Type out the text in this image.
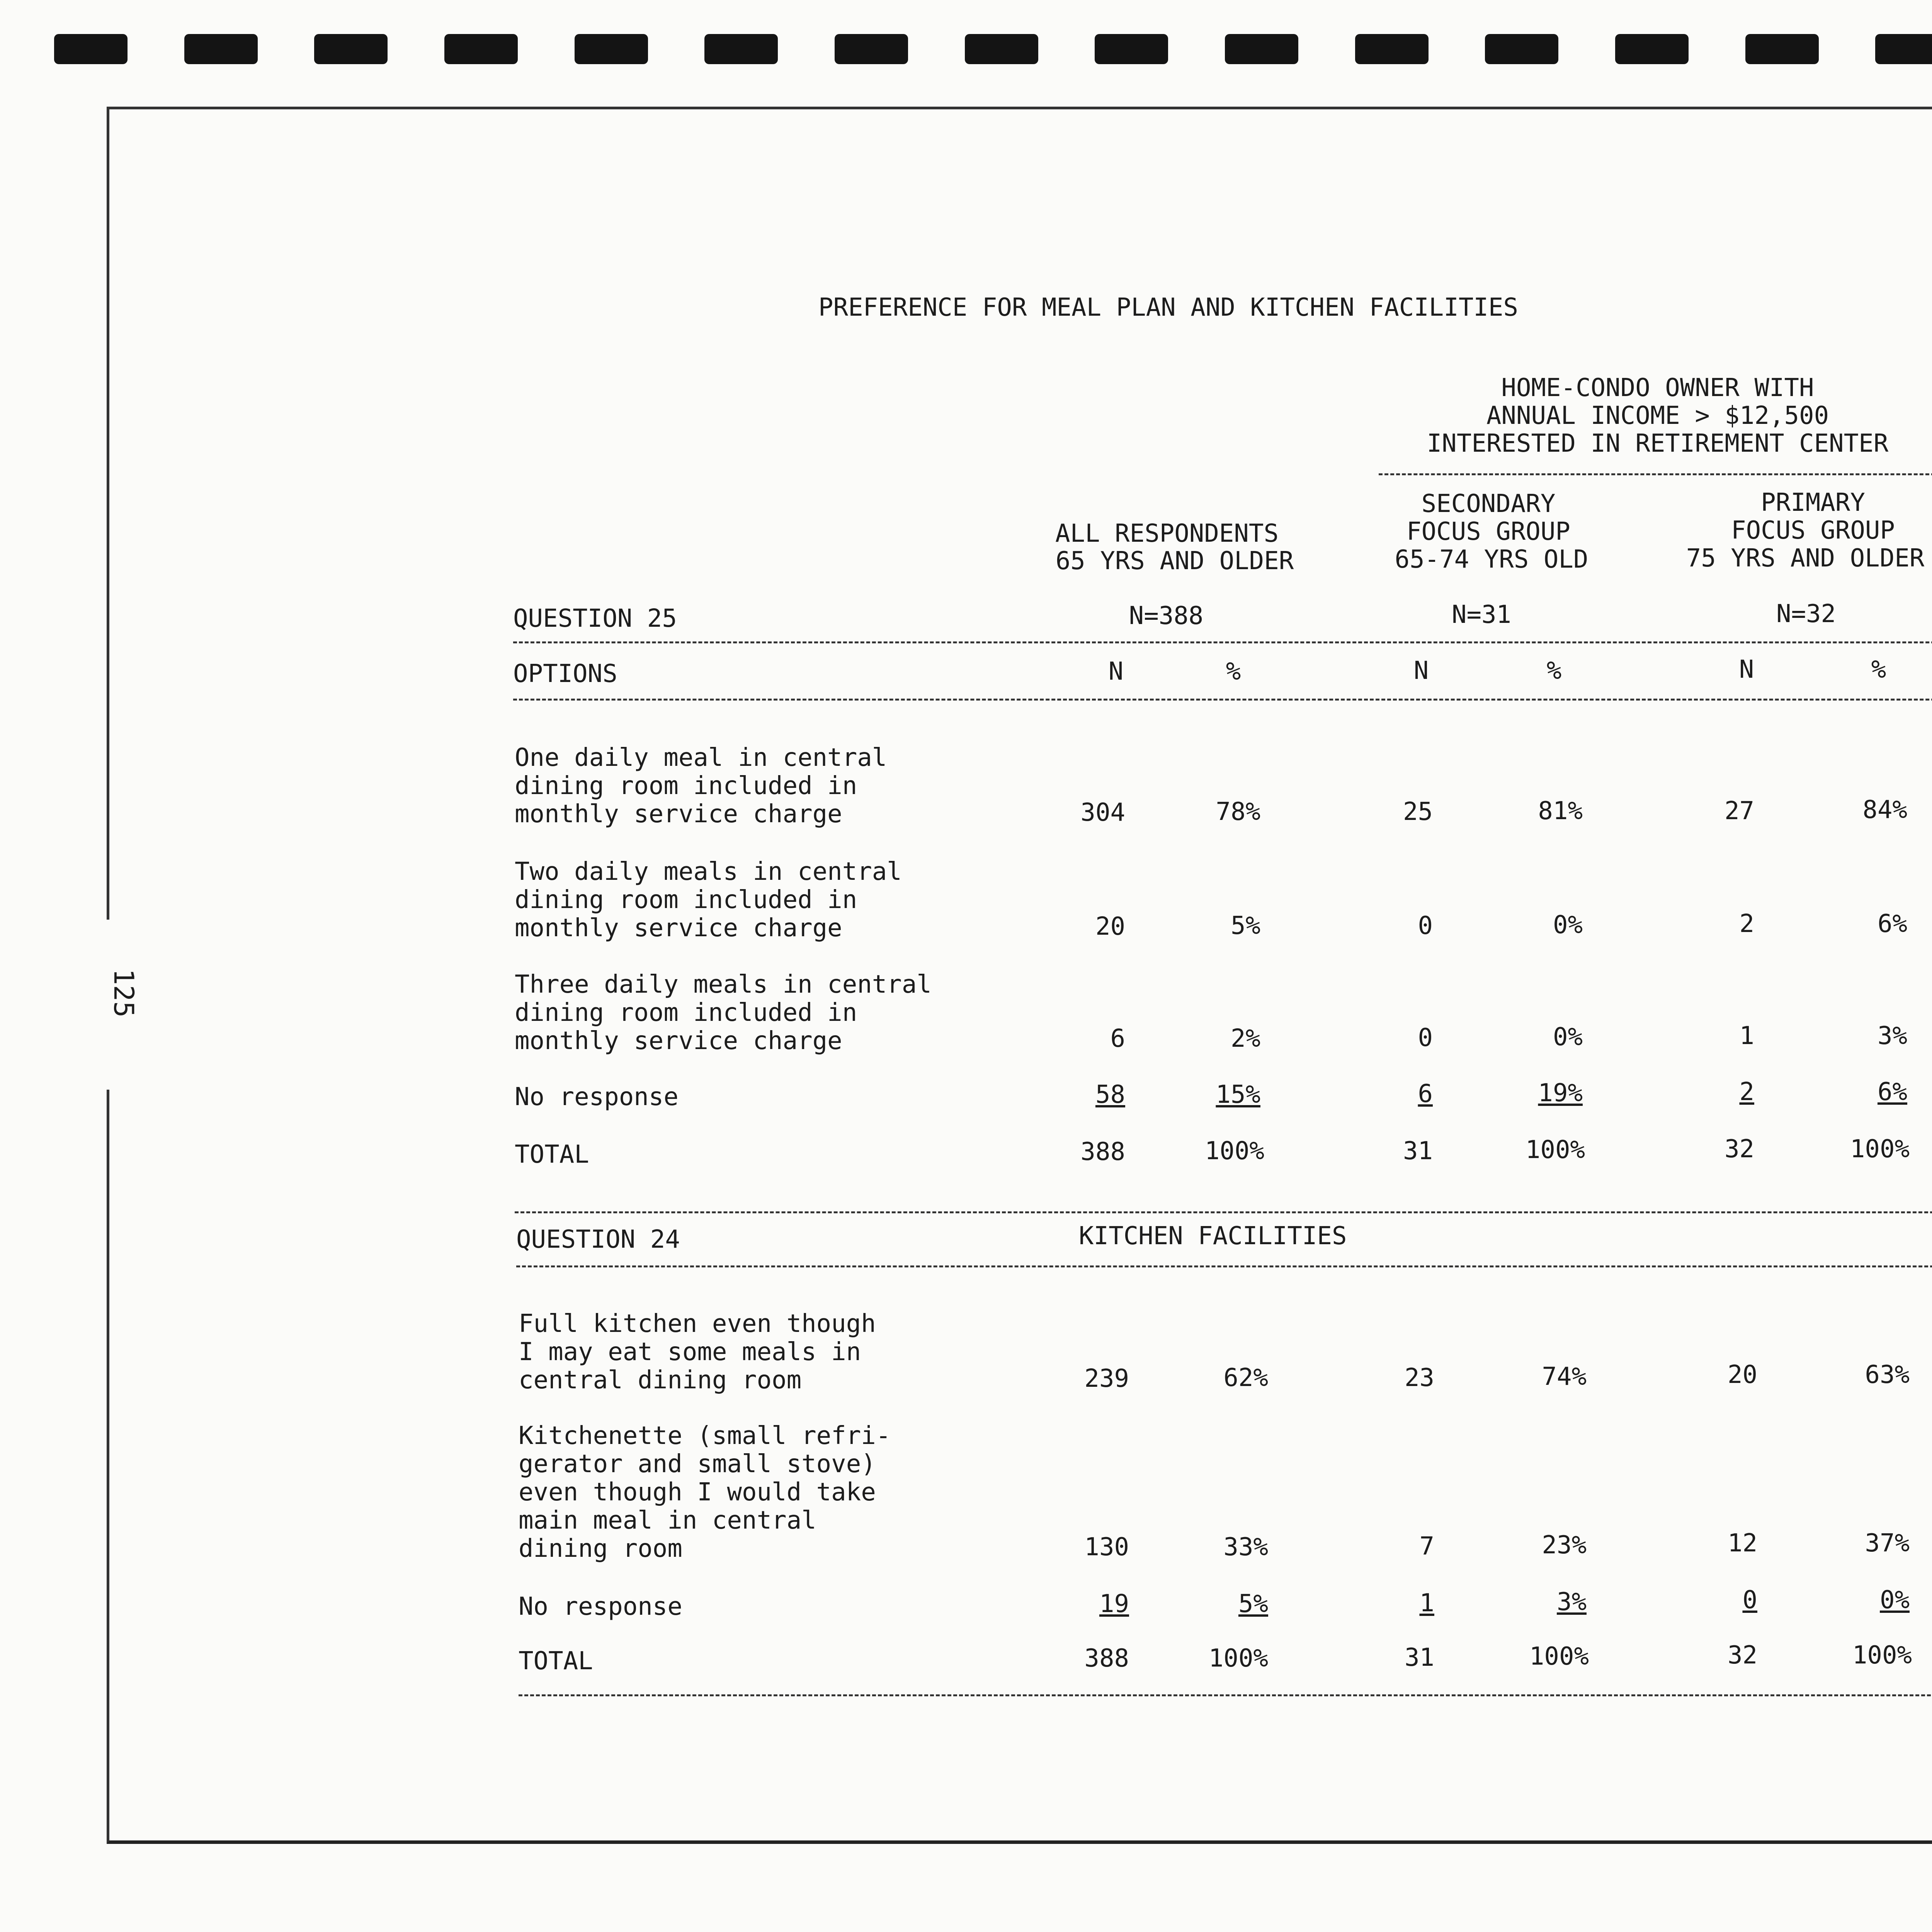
125
PREFERENCE FOR MEAL PLAN AND KITCHEN FACILITIES
HOME-CONDO OWNER WITH
ANNUAL INCOME > $12,500
INTERESTED IN RETIREMENT CENTER
ALL RESPONDENTS
65 YRS AND OLDER
SECONDARY
FOCUS GROUP
65-74 YRS OLD
PRIMARY
FOCUS GROUP
75 YRS AND OLDER
QUESTION 25	N=388	N=31	N=32
OPTIONS	N	%	N	%	N	%
One daily meal in central
dining room included in
monthly service charge	304	78%	25	81%	27	84%
Two daily meals in central
dining room included in
monthly service charge	20	5%	0	0%	2	6%
Three daily meals in central
dining room included in
monthly service charge	6	2%	0	0%	1	3%
No response	58	15%	6	19%	2	6%
TOTAL	388	100%	31	100%	32	100%
QUESTION 24	KITCHEN FACILITIES
Full kitchen even though
I may eat some meals in
central dining room	239	62%	23	74%	20	63%
Kitchenette (small refri-
gerator and small stove)
even though I would take
main meal in central
dining room	130	33%	7	23%	12	37%
No response	19	5%	1	3%	0	0%
TOTAL	388	100%	31	100%	32	100%
